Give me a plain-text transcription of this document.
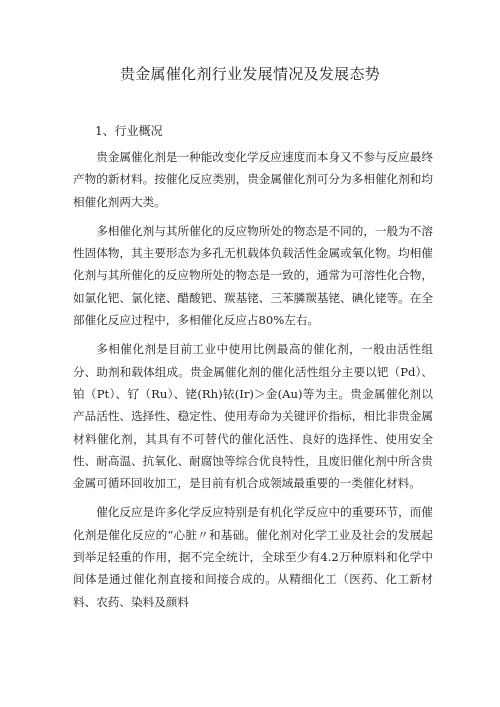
贵金属催化剂行业发展情况及发展态势
1、行业概况

贵金属催化剂是一种能改变化学反应速度而本身又不参与反应最终产物的新材料。按催化反应类别，贵金属催化剂可分为多相催化剂和均相催化剂两大类。

多相催化剂与其所催化的反应物所处的物态是不同的，一般为不溶性固体物，其主要形态为多孔无机载体负载活性金属或氧化物。均相催化剂与其所催化的反应物所处的物态是一致的，通常为可溶性化合物，如氯化钯、氯化铑、醋酸钯、羰基铑、三苯膦羰基铑、碘化铑等。在全部催化反应过程中，多相催化反应占80%左右。

多相催化剂是目前工业中使用比例最高的催化剂，一般由活性组分、助剂和载体组成。贵金属催化剂的催化活性组分主要以钯（Pd）、铂（Pt）、钌（Ru）、铑(Rh)铱(Ir)＞金(Au)等为主。贵金属催化剂以产品活性、选择性、稳定性、使用寿命为关键评价指标，相比非贵金属材料催化剂，其具有不可替代的催化活性、良好的选择性、使用安全性、耐高温、抗氧化、耐腐蚀等综合优良特性，且废旧催化剂中所含贵金属可循环回收加工，是目前有机合成领域最重要的一类催化材料。

催化反应是许多化学反应特别是有机化学反应中的重要环节，而催化剂是催化反应的“心脏〃和基础。催化剂对化学工业及社会的发展起到举足轻重的作用，据不完全统计，全球至少有4.2万种原料和化学中间体是通过催化剂直接和间接合成的。从精细化工（医药、化工新材料、农药、染料及颜料
